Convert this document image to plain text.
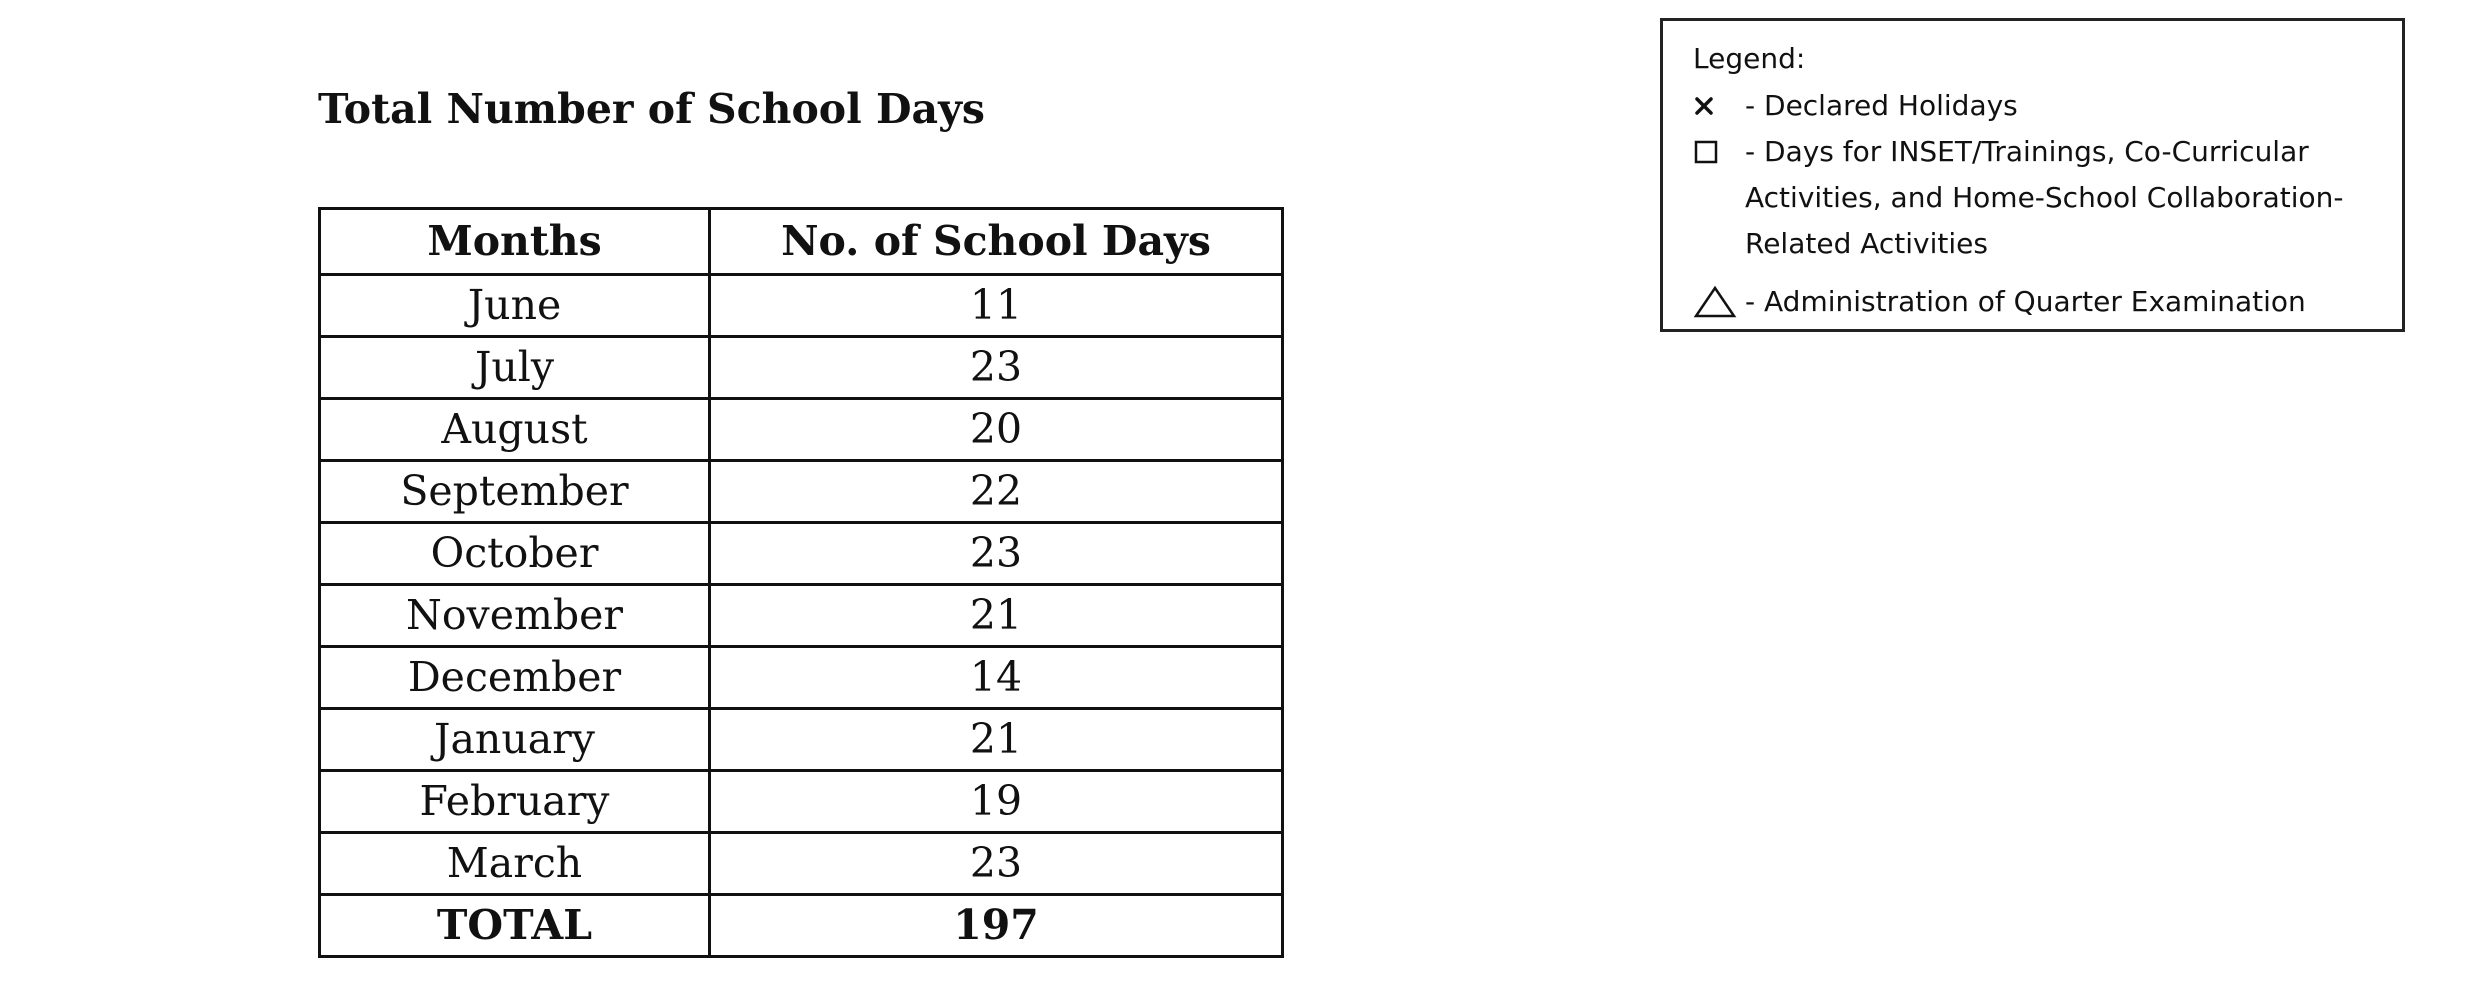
Total Number of School Days
Months	No. of School Days
June	11
July	23
August	20
September	22
October	23
November	21
December	14
January	21
February	19
March	23
TOTAL	197
Legend:
- Declared Holidays
- Days for INSET/Trainings, Co-Curricular Activities, and Home-School Collaboration-Related Activities
- Administration of Quarter Examination
